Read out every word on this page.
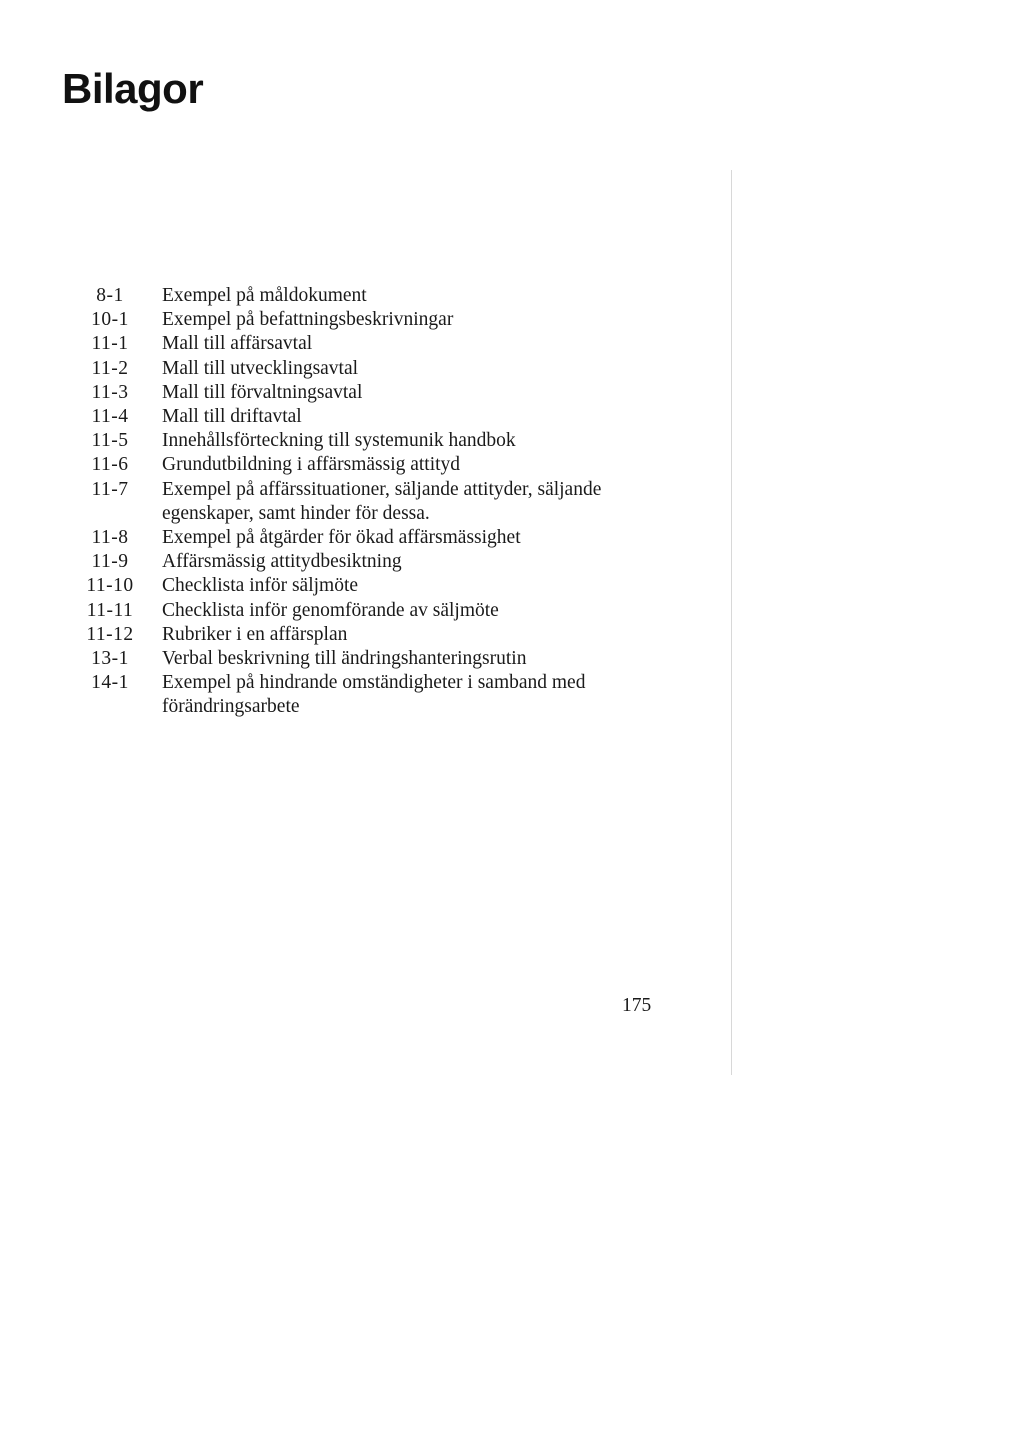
Bilagor
8-1	Exempel på måldokument
10-1	Exempel på befattningsbeskrivningar
11-1	Mall till affärsavtal
11-2	Mall till utvecklingsavtal
11-3	Mall till förvaltningsavtal
11-4	Mall till driftavtal
11-5	Innehållsförteckning till systemunik handbok
11-6	Grundutbildning i affärsmässig attityd
11-7	Exempel på affärssituationer, säljande attityder, säljande egenskaper, samt hinder för dessa.
11-8	Exempel på åtgärder för ökad affärsmässighet
11-9	Affärsmässig attitydbesiktning
11-10	Checklista inför säljmöte
11-11	Checklista inför genomförande av säljmöte
11-12	Rubriker i en affärsplan
13-1	Verbal beskrivning till ändringshanteringsrutin
14-1	Exempel på hindrande omständigheter i samband med förändringsarbete

175
